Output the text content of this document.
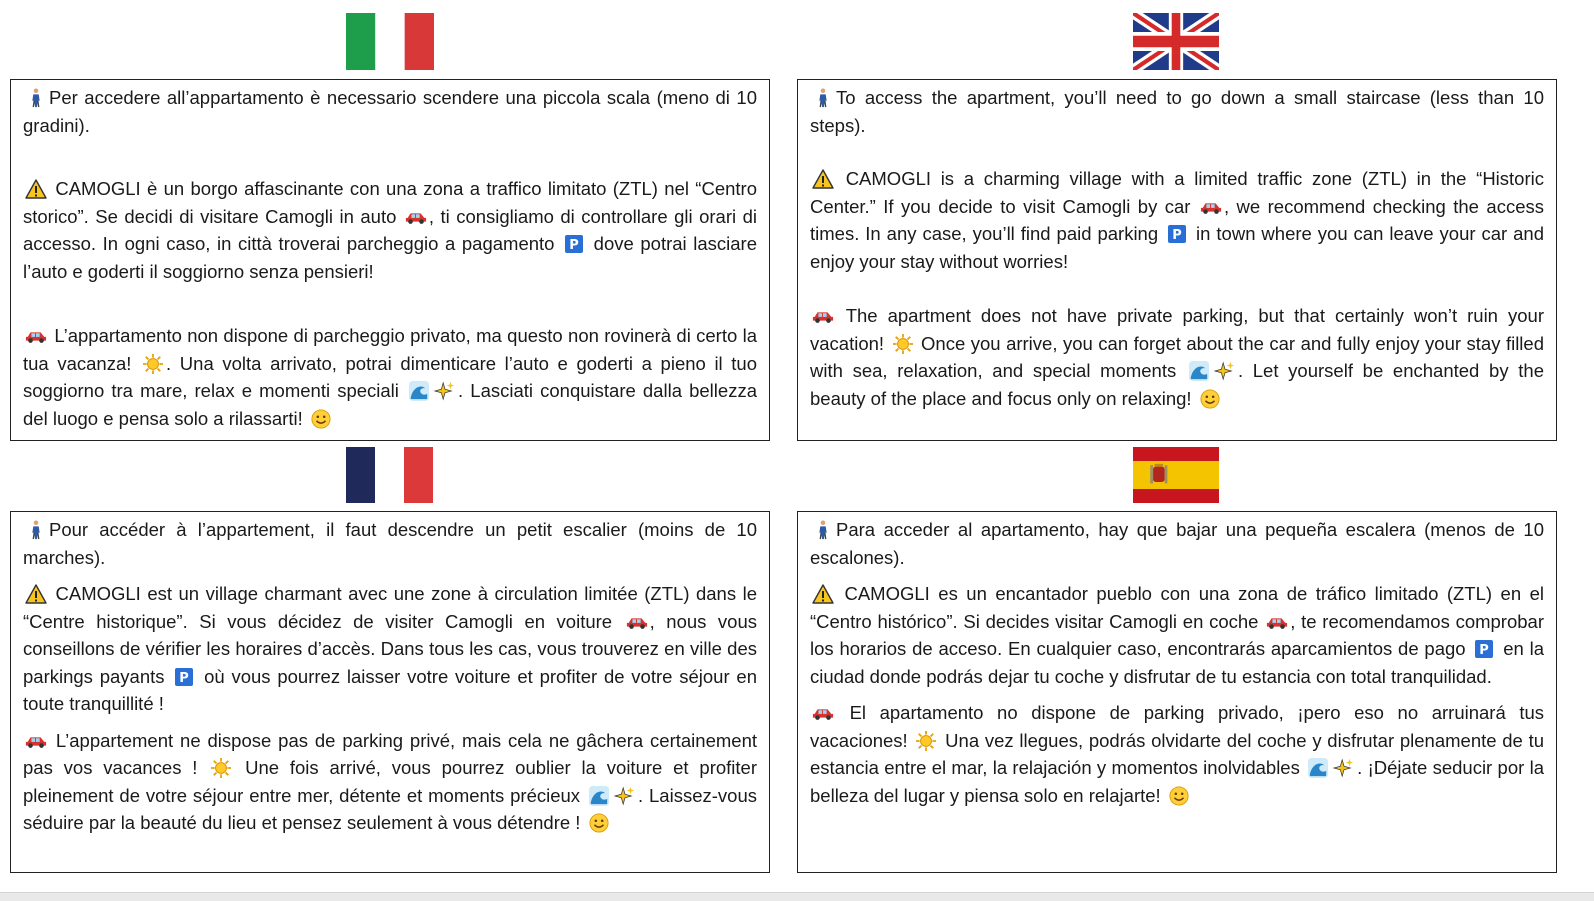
Per accedere all’appartamento è necessario scendere una piccola scala (meno di 10 gradini).

CAMOGLI è un borgo affascinante con una zona a traffico limitato (ZTL) nel “Centro storico”. Se decidi di visitare Camogli in auto
, ti consigliamo di controllare gli orari di accesso. In ogni caso, in città troverai parcheggio a pagamento P dove potrai lasciare l’auto e goderti il soggiorno senza pensieri!

L’appartamento non dispone di parcheggio privato, ma questo non rovinerà di certo la tua vacanza!
. Una volta arrivato, potrai dimenticare l’auto e goderti a pieno il tuo soggiorno tra mare, relax e momenti speciali	. Lasciati conquistare dalla bellezza del luogo e pensa solo a rilassarti!

To access the apartment, you’ll need to go down a small staircase (less than 10 steps).

CAMOGLI is a charming village with a limited traffic zone (ZTL) in the “Historic Center.” If you decide to visit Camogli by car
, we recommend checking the access times. In any case, you’ll find paid parking P in town where you can leave your car and enjoy your stay without worries!

The apartment does not have private parking, but that certainly won’t ruin your vacation!
Once you arrive, you can forget about the car and fully enjoy your stay filled with sea, relaxation, and special moments	. Let yourself be enchanted by the beauty of the place and focus only on relaxing!

Pour accéder à l’appartement, il faut descendre un petit escalier (moins de 10 marches).

CAMOGLI est un village charmant avec une zone à circulation limitée (ZTL) dans le “Centre historique”. Si vous décidez de visiter Camogli en voiture
, nous vous conseillons de vérifier les horaires d’accès. Dans tous les cas, vous trouverez en ville des parkings payants P où vous pourrez laisser votre voiture et profiter de votre séjour en toute tranquillité !

L’appartement ne dispose pas de parking privé, mais cela ne gâchera certainement pas vos vacances !
Une fois arrivé, vous pourrez oublier la voiture et profiter pleinement de votre séjour entre mer, détente et moments précieux	. Laissez-vous séduire par la beauté du lieu et pensez seulement à vous détendre !

Para acceder al apartamento, hay que bajar una pequeña escalera (menos de 10 escalones).

CAMOGLI es un encantador pueblo con una zona de tráfico limitado (ZTL) en el “Centro histórico”. Si decides visitar Camogli en coche
, te recomendamos comprobar los horarios de acceso. En cualquier caso, encontrarás aparcamientos de pago P en la ciudad donde podrás dejar tu coche y disfrutar de tu estancia con total tranquilidad.

El apartamento no dispone de parking privado, ¡pero eso no arruinará tus vacaciones!
Una vez llegues, podrás olvidarte del coche y disfrutar plenamente de tu estancia entre el mar, la relajación y momentos inolvidables	. ¡Déjate seducir por la belleza del lugar y piensa solo en relajarte!
